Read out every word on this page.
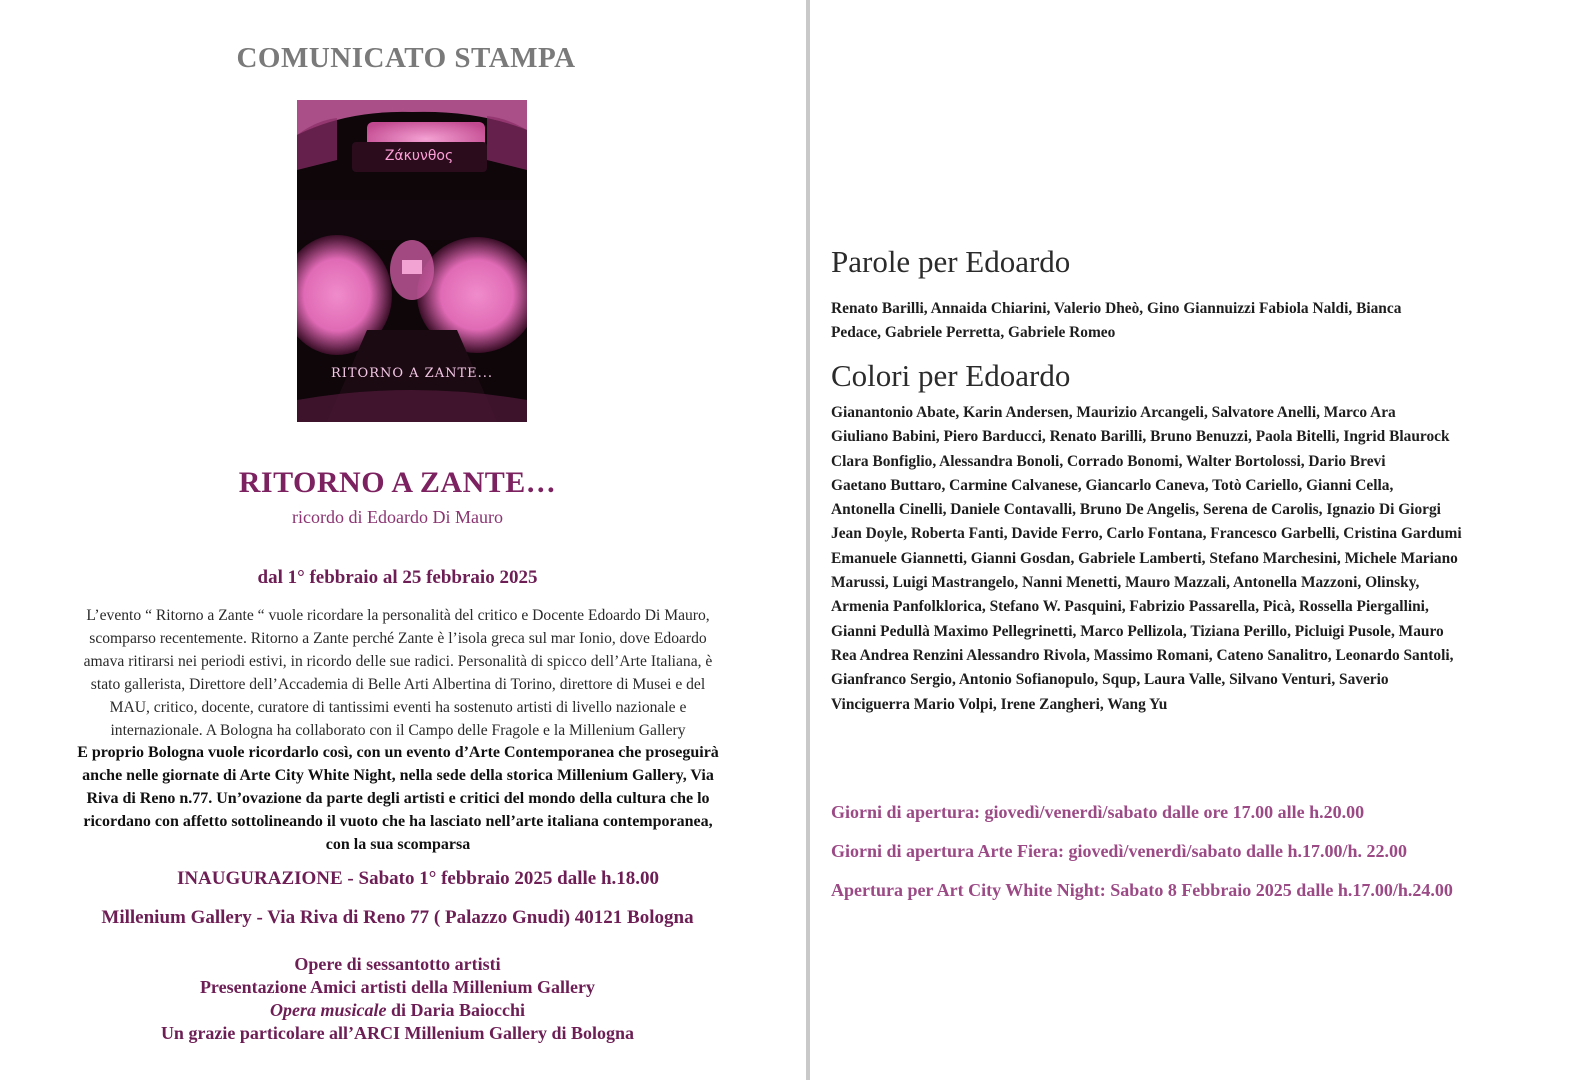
COMUNICATO STAMPA
Ζάκυνθος
RITORNO A ZANTE...
RITORNO A ZANTE…
ricordo di Edoardo Di Mauro
dal 1° febbraio al 25 febbraio 2025
L’evento “ Ritorno a Zante “ vuole ricordare la personalità del critico e Docente Edoardo Di Mauro,
scomparso recentemente. Ritorno a Zante perché Zante è l’isola greca sul mar Ionio, dove Edoardo
amava ritirarsi nei periodi estivi, in ricordo delle sue radici. Personalità di spicco dell’Arte Italiana, è
stato gallerista, Direttore dell’Accademia di Belle Arti Albertina di Torino, direttore di Musei e del
MAU, critico, docente, curatore di tantissimi eventi ha sostenuto artisti di livello nazionale e
internazionale. A Bologna ha collaborato con il Campo delle Fragole e la Millenium Gallery
E proprio Bologna vuole ricordarlo così, con un evento d’Arte Contemporanea che proseguirà
anche nelle giornate di Arte City White Night, nella sede della storica Millenium Gallery, Via
Riva di Reno n.77. Un’ovazione da parte degli artisti e critici del mondo della cultura che lo
ricordano con affetto sottolineando il vuoto che ha lasciato nell’arte italiana contemporanea,
con la sua scomparsa
INAUGURAZIONE - Sabato 1° febbraio 2025 dalle h.18.00
Millenium Gallery - Via Riva di Reno 77 ( Palazzo Gnudi) 40121 Bologna
Opere di sessantotto artisti
Presentazione Amici artisti della Millenium Gallery
Opera musicale di Daria Baiocchi
Un grazie particolare all’ARCI Millenium Gallery di Bologna
Parole per Edoardo
Renato Barilli, Annaida Chiarini, Valerio Dheò, Gino Giannuizzi Fabiola Naldi, Bianca
Pedace, Gabriele Perretta, Gabriele Romeo
Colori per Edoardo
Gianantonio Abate, Karin Andersen, Maurizio Arcangeli, Salvatore Anelli, Marco Ara
Giuliano Babini, Piero Barducci, Renato Barilli, Bruno Benuzzi, Paola Bitelli, Ingrid Blaurock
Clara Bonfiglio, Alessandra Bonoli, Corrado Bonomi, Walter Bortolossi, Dario Brevi
Gaetano Buttaro, Carmine Calvanese, Giancarlo Caneva, Totò Cariello, Gianni Cella,
Antonella Cinelli, Daniele Contavalli, Bruno De Angelis, Serena de Carolis, Ignazio Di Giorgi
Jean Doyle, Roberta Fanti, Davide Ferro, Carlo Fontana, Francesco Garbelli, Cristina Gardumi
Emanuele Giannetti, Gianni Gosdan, Gabriele Lamberti, Stefano Marchesini, Michele Mariano
Marussi, Luigi Mastrangelo, Nanni Menetti, Mauro Mazzali, Antonella Mazzoni, Olinsky,
Armenia Panfolklorica, Stefano W. Pasquini, Fabrizio Passarella, Picà, Rossella Piergallini,
Gianni Pedullà Maximo Pellegrinetti, Marco Pellizola, Tiziana Perillo, Picluigi Pusole, Mauro
Rea Andrea Renzini Alessandro Rivola, Massimo Romani, Cateno Sanalitro, Leonardo Santoli,
Gianfranco Sergio, Antonio Sofianopulo, Squp, Laura Valle, Silvano Venturi, Saverio
Vinciguerra Mario Volpi, Irene Zangheri, Wang Yu
Giorni di apertura: giovedì/venerdì/sabato dalle ore 17.00 alle h.20.00
Giorni di apertura Arte Fiera: giovedì/venerdì/sabato dalle h.17.00/h. 22.00
Apertura per Art City White Night: Sabato 8 Febbraio 2025 dalle h.17.00/h.24.00
